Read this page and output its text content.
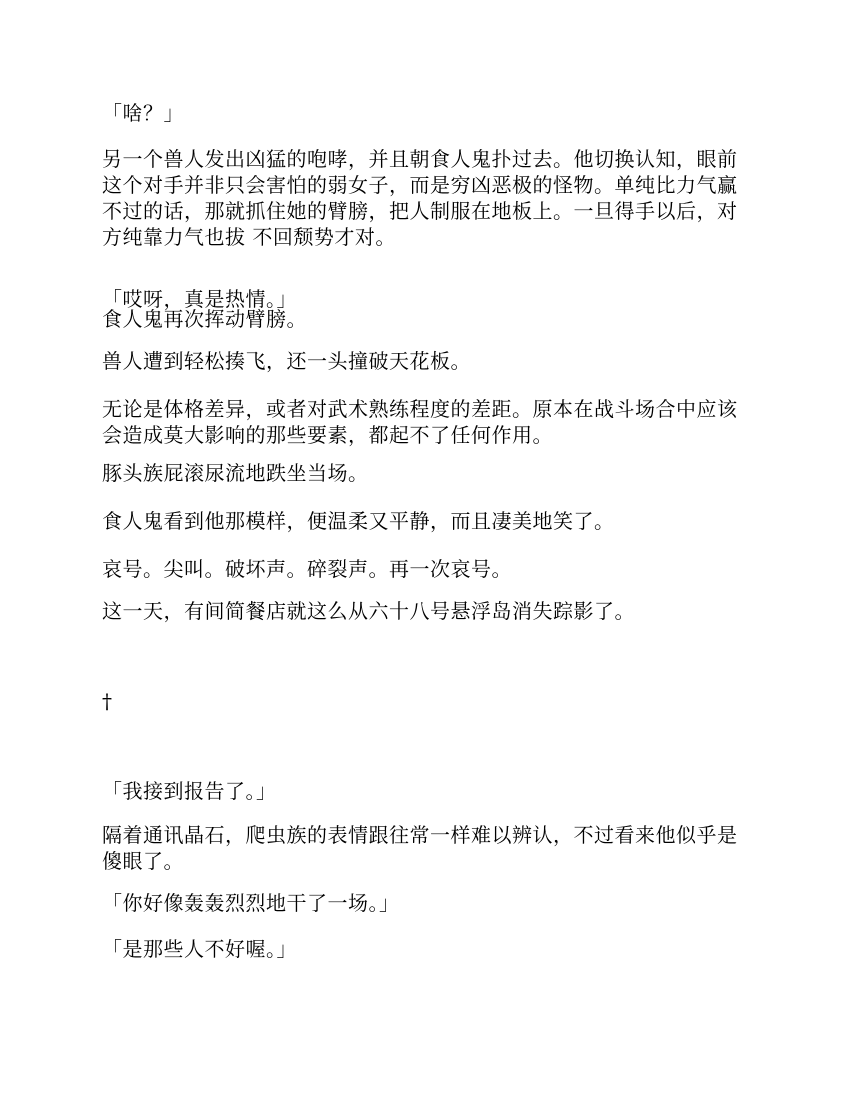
「啥？」

另一个兽人发出凶猛的咆哮，并且朝食人鬼扑过去。他切换认知，眼前这个对手并非只会害怕的弱女子，而是穷凶恶极的怪物。单纯比力气赢不过的话，那就抓住她的臂膀，把人制服在地板上。一旦得手以后，对方纯靠力气也拔 不回颓势才对。

「哎呀，真是热情。」

食人鬼再次挥动臂膀。

兽人遭到轻松揍飞，还一头撞破天花板。

无论是体格差异，或者对武术熟练程度的差距。原本在战斗场合中应该会造成莫大影响的那些要素，都起不了任何作用。

豚头族屁滚尿流地跌坐当场。

食人鬼看到他那模样，便温柔又平静，而且凄美地笑了。

哀号。尖叫。破坏声。碎裂声。再一次哀号。

这一天，有间简餐店就这么从六十八号悬浮岛消失踪影了。

†

「我接到报告了。」

隔着通讯晶石，爬虫族的表情跟往常一样难以辨认，不过看来他似乎是傻眼了。

「你好像轰轰烈烈地干了一场。」

「是那些人不好喔。」
